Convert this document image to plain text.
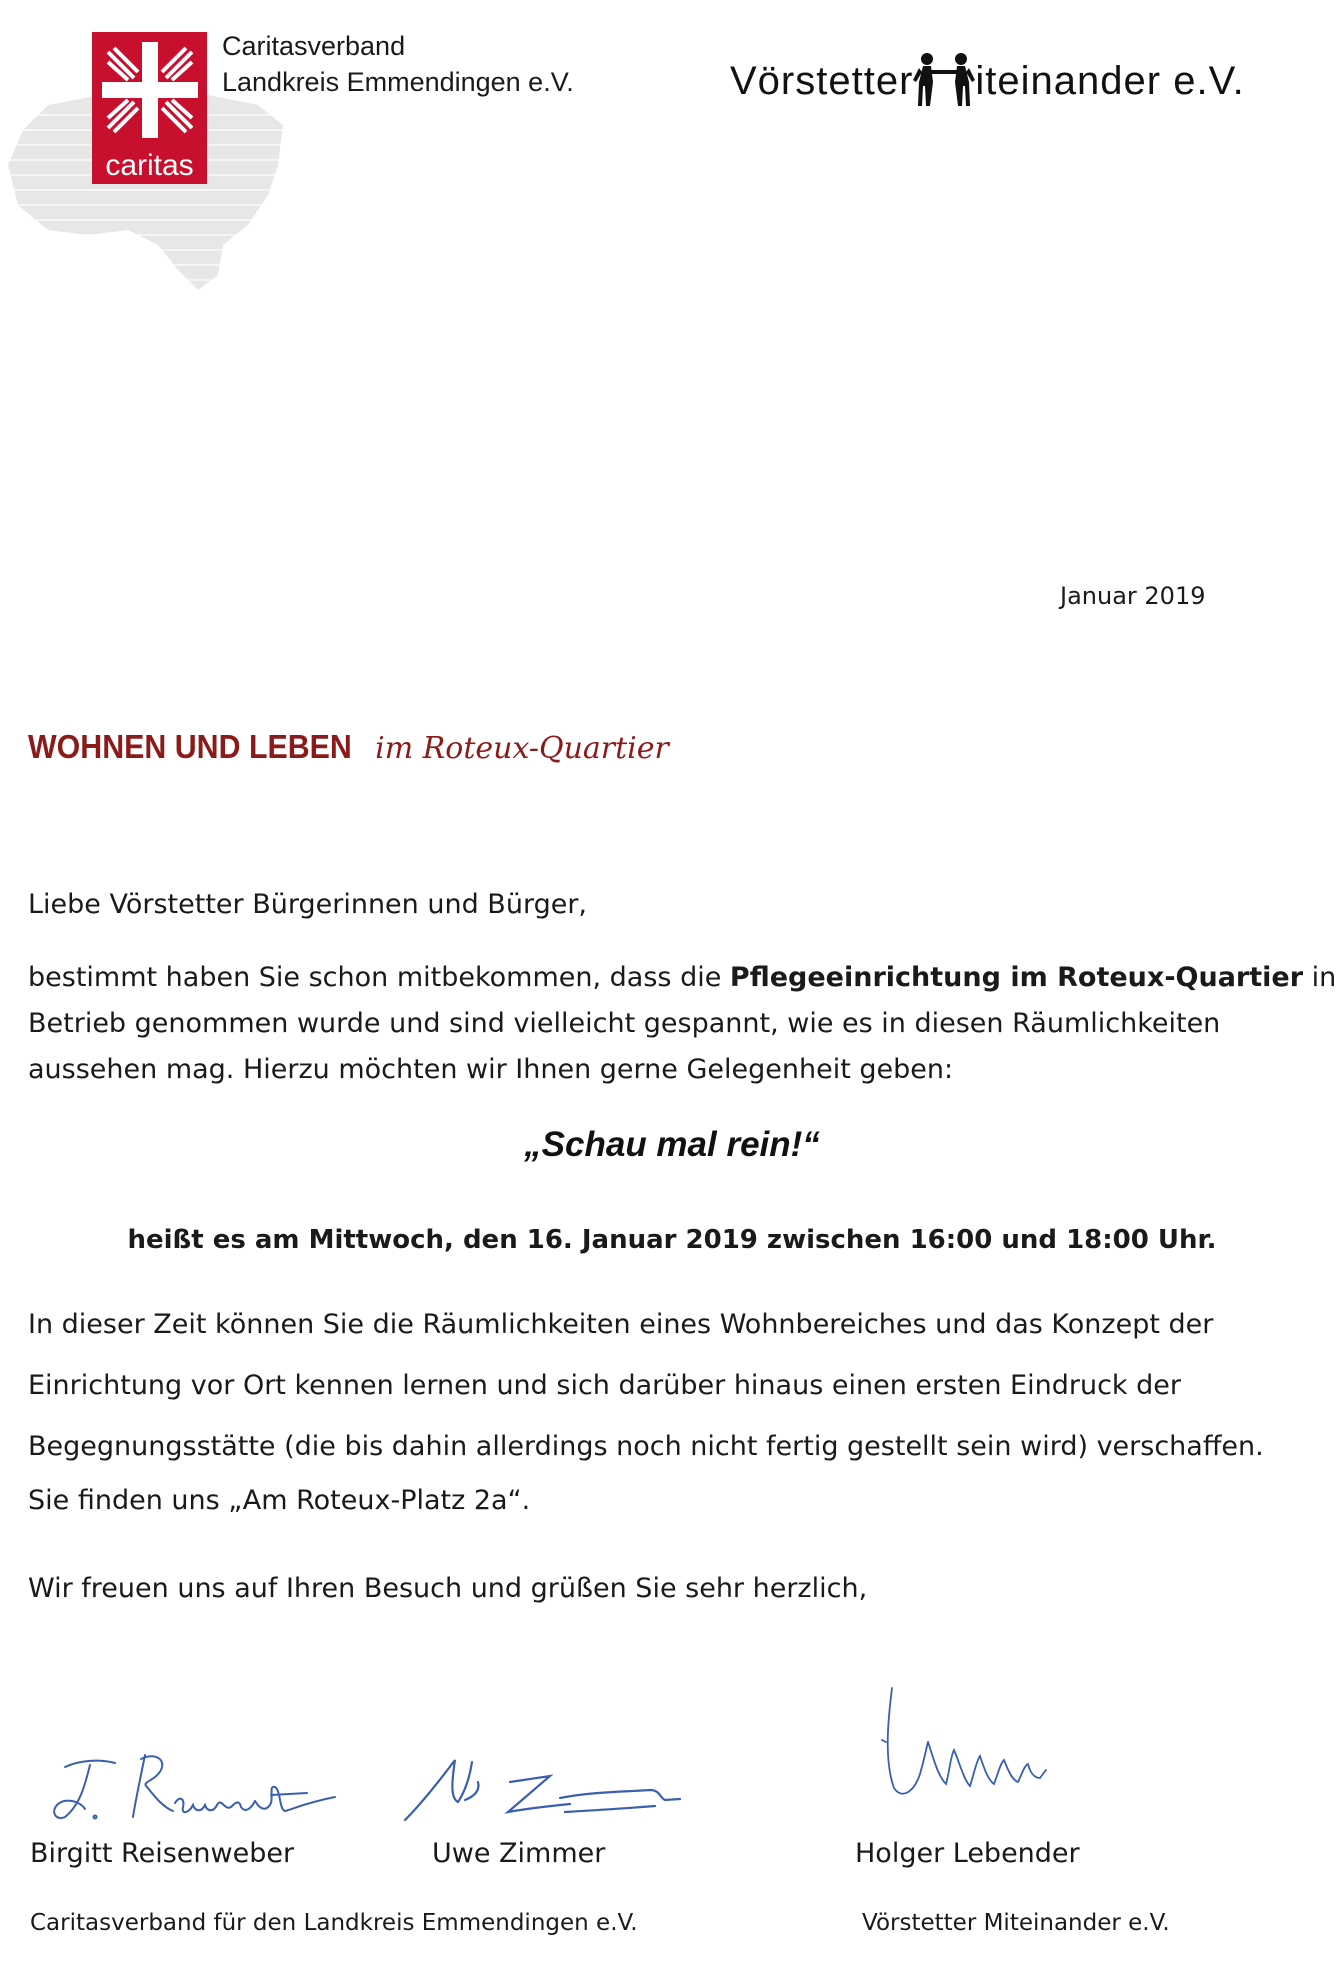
caritas
Caritasverband
Landkreis Emmendingen e.V.	Vörstetter iteinander e.V.
Januar 2019
WOHNEN UND LEBEN im Roteux-Quartier
Liebe Vörstetter Bürgerinnen und Bürger,
bestimmt haben Sie schon mitbekommen, dass die Pflegeeinrichtung im Roteux-Quartier in
Betrieb genommen wurde und sind vielleicht gespannt, wie es in diesen Räumlichkeiten
aussehen mag. Hierzu möchten wir Ihnen gerne Gelegenheit geben:
„Schau mal rein!“
heißt es am Mittwoch, den 16. Januar 2019 zwischen 16:00 und 18:00 Uhr.
In dieser Zeit können Sie die Räumlichkeiten eines Wohnbereiches und das Konzept der
Einrichtung vor Ort kennen lernen und sich darüber hinaus einen ersten Eindruck der
Begegnungsstätte (die bis dahin allerdings noch nicht fertig gestellt sein wird) verschaffen.
Sie finden uns „Am Roteux-Platz 2a“.
Wir freuen uns auf Ihren Besuch und grüßen Sie sehr herzlich,
Birgitt Reisenweber	Uwe Zimmer	Holger Lebender
Caritasverband für den Landkreis Emmendingen e.V.	Vörstetter Miteinander e.V.
